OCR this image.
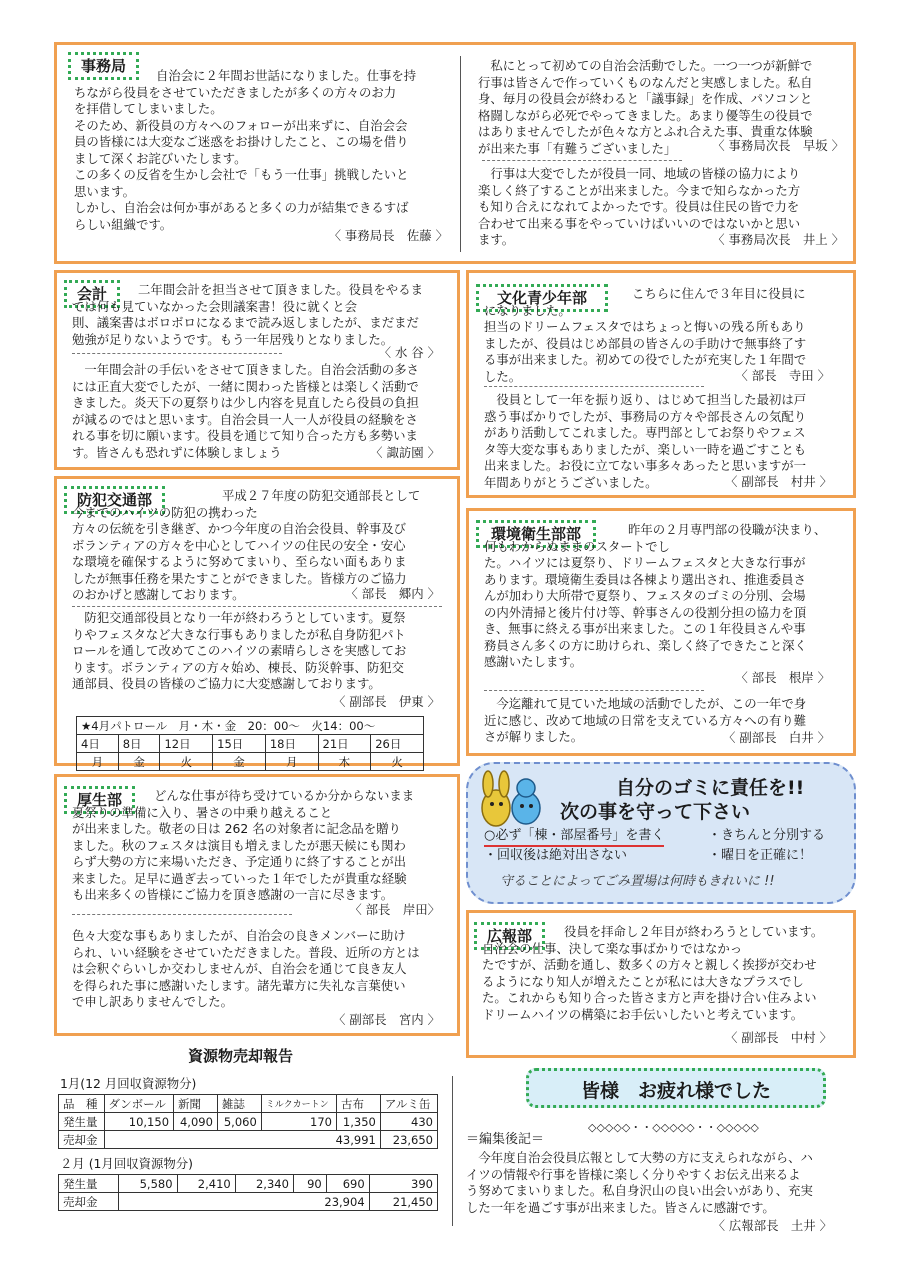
事務局
自治会に２年間お世話になりました。仕事を持
ちながら役員をさせていただきましたが多くの方々のお力
を拝借してしまいました。
そのため、新役員の方々へのフォローが出来ずに、自治会会
員の皆様には大変なご迷惑をお掛けしたこと、この場を借り
まして深くお詫びいたします。
この多くの反省を生かし会社で「もう一仕事」挑戦したいと
思います。
しかし、自治会は何か事があると多くの力が結集できるすば
らしい組織です。
〈 事務局長　佐藤 〉
　私にとって初めての自治会活動でした。一つ一つが新鮮で
行事は皆さんで作っていくものなんだと実感しました。私自
身、毎月の役員会が終わると「議事録」を作成、パソコンと
格闘しながら必死でやってきました。あまり優等生の役員で
はありませんでしたが色々な方とふれ合えた事、貴重な体験
が出来た事「有難うございました」	〈 事務局次長　早坂 〉
　行事は大変でしたが役員一同、地域の皆様の協力により
楽しく終了することが出来ました。今まで知らなかった方
も知り合えになれてよかったです。役員は住民の皆で力を
合わせて出来る事をやっていけばいいのではないかと思い
ます。	〈 事務局次長　井上 〉
会計	二年間会計を担当させて頂きました。役員をやるま
では何も見ていなかった会則議案書！役に就くと会
則、議案書はボロボロになるまで読み返しましたが、まだまだ
勉強が足りないようです。もう一年居残りとなりました。
〈 水 谷 〉
　一年間会計の手伝いをさせて頂きました。自治会活動の多さ
には正直大変でしたが、一緒に関わった皆様とは楽しく活動で
きました。炎天下の夏祭りは少し内容を見直したら役員の負担
が減るのではと思います。自治会員一人一人が役員の経験をさ
れる事を切に願います。役員を通じて知り合った方も多勢いま
す。皆さんも恐れずに体験しましょう	〈 諏訪園 〉
防犯交通部	平成２７年度の防犯交通部長として
今までのハイツの防犯の携わった
方々の伝統を引き継ぎ、かつ今年度の自治会役員、幹事及び
ボランティアの方々を中心としてハイツの住民の安全・安心
な環境を確保するように努めてまいり、至らない面もありま
したが無事任務を果たすことができました。皆様方のご協力
のおかげと感謝しております。	〈 部長　郷内 〉
　防犯交通部役員となり一年が終わろうとしています。夏祭
りやフェスタなど大きな行事もありましたが私自身防犯パト
ロールを通して改めてこのハイツの素晴らしさを実感してお
ります。ボランティアの方々始め、棟長、防災幹事、防犯交
通部員、役員の皆様のご協力に大変感謝しております。
〈 副部長　伊東 〉
★4月パトロール　月・木・金　20：00～　火14：00～						
4日	8日	12日	15日	18日	21日	26日
月	金	火	金	月	木	火
厚生部	どんな仕事が待ち受けているか分からないまま
夏祭りの準備に入り、暑さの中乗り越えること
が出来ました。敬老の日は 262 名の対象者に記念品を贈り
ました。秋のフェスタは演目も増えましたが悪天候にも関わ
らず大勢の方に来場いただき、予定通りに終了することが出
来ました。足早に過ぎ去っていった１年でしたが貴重な経験
も出来多くの皆様にご協力を頂き感謝の一言に尽きます。
〈 部長　岸田〉
色々大変な事もありましたが、自治会の良きメンバーに助け
られ、いい経験をさせていただきました。普段、近所の方とは
は会釈ぐらいしか交わしませんが、自治会を通じて良き友人
を得られた事に感謝いたします。諸先輩方に失礼な言葉使い
で申し訳ありませんでした。
〈 副部長　宮内 〉
文化青少年部	こちらに住んで３年目に役員に
になりました。
担当のドリームフェスタではちょっと悔いの残る所もあり
ましたが、役員はじめ部員の皆さんの手助けで無事終了す
る事が出来ました。初めての役でしたが充実した１年間で
した。	〈 部長　寺田 〉
　役員として一年を振り返り、はじめて担当した最初は戸
惑う事ばかりでしたが、事務局の方々や部長さんの気配り
があり活動してこれました。専門部としてお祭りやフェス
タ等大変な事もありましたが、楽しい一時を過ごすことも
出来ました。お役に立てない事多々あったと思いますが一
年間ありがとうございました。	〈 副部長　村井 〉
環境衛生部部	昨年の２月専門部の役職が決まり、
何もわからぬままのスタートでし
た。ハイツには夏祭り、ドリームフェスタと大きな行事が
あります。環境衛生委員は各棟より選出され、推進委員さ
んが加わり大所帯で夏祭り、フェスタのゴミの分別、会場
の内外清掃と後片付け等、幹事さんの役割分担の協力を頂
き、無事に終える事が出来ました。この１年役員さんや事
務員さん多くの方に助けられ、楽しく終了できたこと深く
感謝いたします。
〈 部長　根岸 〉
　今迄離れて見ていた地域の活動でしたが、この一年で身
近に感じ、改めて地域の日常を支えている方々への有り難
さが解りました。	〈 副部長　白井 〉
自分のゴミに責任を!!
次の事を守って下さい
○必ず「棟・部屋番号」を書く	・きちんと分別する
・回収後は絶対出さない	・曜日を正確に！
守ることによってごみ置場は何時もきれいに !!
広報部	役員を拝命し２年目が終わろうとしています。
自治会の仕事、決して楽な事ばかりではなかっ
たですが、活動を通し、数多くの方々と親しく挨拶が交わせ
るようになり知人が増えたことが私には大きなプラスでし
た。これからも知り合った皆さま方と声を掛け合い住みよい
ドリームハイツの構築にお手伝いしたいと考えています。
〈 副部長　中村 〉
資源物売却報告
1月(12 月回収資源物分)
品　種	ダンボール	新聞	雑誌	ミルクカートン	古布	アルミ缶
発生量	10,150	4,090	5,060	170	1,350	430
売却金	43,991					23,650
２月 (1月回収資源物分)
発生量	5,580	2,410	2,340	90	690	390
売却金	23,904					21,450
皆様　お疲れ様でした
◇◇◇◇◇・・◇◇◇◇◇・・◇◇◇◇◇
＝編集後記＝
　今年度自治会役員広報として大勢の方に支えられながら、ハ
イツの情報や行事を皆様に楽しく分りやすくお伝え出来るよ
う努めてまいりました。私自身沢山の良い出会いがあり、充実
した一年を過ごす事が出来ました。皆さんに感謝です。
〈 広報部長　土井 〉
